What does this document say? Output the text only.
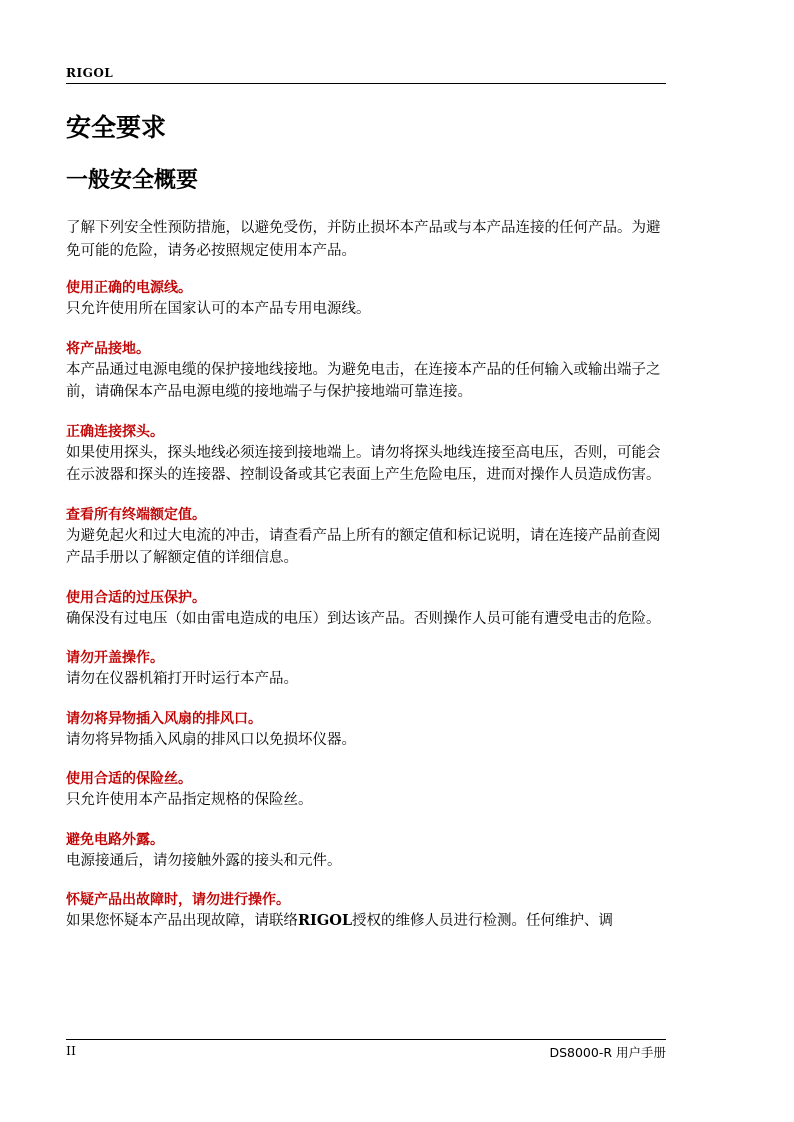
RIGOL
安全要求
一般安全概要

了解下列安全性预防措施，以避免受伤，并防止损坏本产品或与本产品连接的任何产品。为避免可能的危险，请务必按照规定使用本产品。

使用正确的电源线。

只允许使用所在国家认可的本产品专用电源线。

将产品接地。

本产品通过电源电缆的保护接地线接地。为避免电击，在连接本产品的任何输入或输出端子之前，请确保本产品电源电缆的接地端子与保护接地端可靠连接。

正确连接探头。

如果使用探头，探头地线必须连接到接地端上。请勿将探头地线连接至高电压，否则，可能会在示波器和探头的连接器、控制设备或其它表面上产生危险电压，进而对操作人员造成伤害。

查看所有终端额定值。

为避免起火和过大电流的冲击，请查看产品上所有的额定值和标记说明，请在连接产品前查阅产品手册以了解额定值的详细信息。

使用合适的过压保护。

确保没有过电压（如由雷电造成的电压）到达该产品。否则操作人员可能有遭受电击的危险。

请勿开盖操作。

请勿在仪器机箱打开时运行本产品。

请勿将异物插入风扇的排风口。

请勿将异物插入风扇的排风口以免损坏仪器。

使用合适的保险丝。

只允许使用本产品指定规格的保险丝。

避免电路外露。

电源接通后，请勿接触外露的接头和元件。

怀疑产品出故障时，请勿进行操作。

如果您怀疑本产品出现故障，请联络RIGOL授权的维修人员进行检测。任何维护、调

II	DS8000-R 用户手册
